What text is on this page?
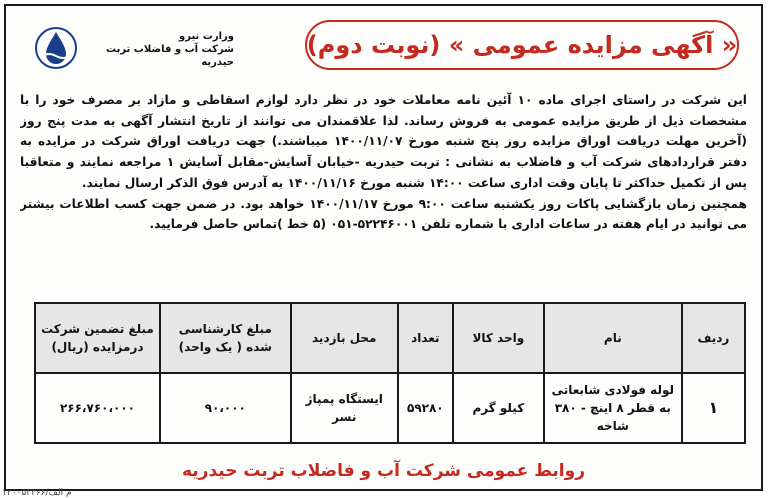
وزارت نیرو
شرکت آب و فاضلاب تربت حیدریه
« آگهی مزایده عمومی » (نوبت دوم)

این شرکت در راستای اجرای ماده ۱۰ آئین نامه معاملات خود در نظر دارد لوازم اسقاطی و مازاد بر مصرف خود را با مشخصات ذیل از طریق مزایده عمومی به فروش رساند. لذا علاقمندان می توانند از تاریخ انتشار آگهی به مدت پنج روز (آخرین مهلت دریافت اوراق مزایده روز پنج شنبه مورخ ۱۴۰۰/۱۱/۰۷ میباشند.) جهت دریافت اوراق شرکت در مزایده به دفتر قراردادهای شرکت آب و فاضلاب به نشانی : تربت حیدریه -خیابان آسایش-مقابل آسایش ۱ مراجعه نمایند و متعاقبا پس از تکمیل حداکثر تا پایان وقت اداری ساعت ۱۴:۰۰ شنبه مورخ ۱۴۰۰/۱۱/۱۶ به آدرس فوق الذکر ارسال نمایند.

همچنین زمان بازگشایی پاکات روز یکشنبه ساعت ۹:۰۰ مورخ ۱۴۰۰/۱۱/۱۷ خواهد بود. در ضمن جهت کسب اطلاعات بیشتر می توانید در ایام هفته در ساعات اداری با شماره تلفن ۵۲۲۴۶۰۰۱-۰۵۱ (۵ خط )تماس حاصل فرمایید.

ردیف	نام	واحد کالا	تعداد	محل بازدید	مبلغ کارشناسی شده ( یک واحد)	مبلغ تضمین شرکت درمزایده (ریال)
۱	لوله فولادی شابعاتی به قطر ۸ اینچ - ۳۸۰ شاخه	کیلو گرم	۵۹۲۸۰	ایستگاه پمپاژ نسر	۹۰،۰۰۰	۲۶۶،۷۶۰،۰۰۰
روابط عمومی شرکت آب و فاضلاب تربت حیدریه
۱۲۰۰۵۳۳۶۶/م الف
